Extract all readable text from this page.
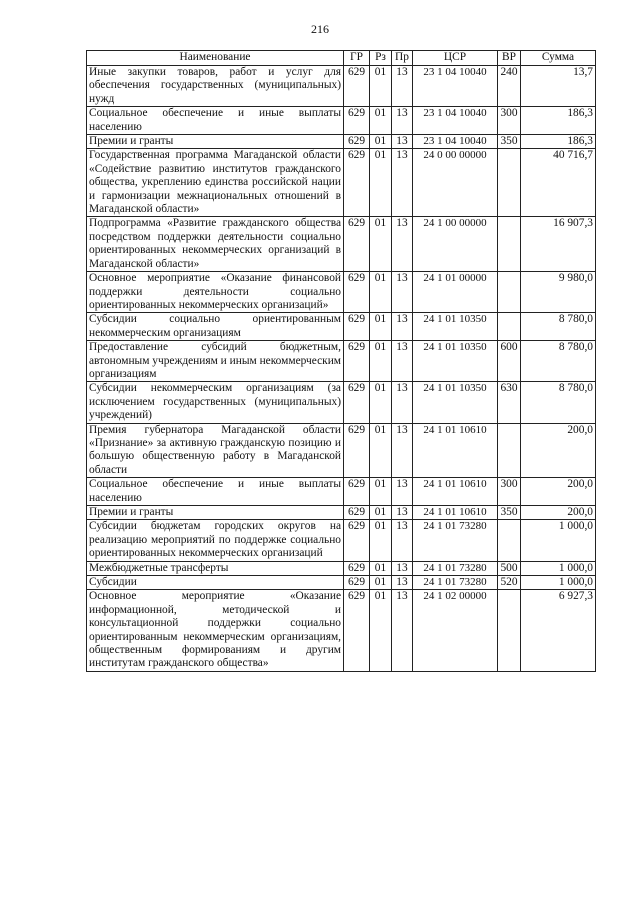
216
Наименование	ГР	Рз	Пр	ЦСР	ВР	Сумма
Иные закупки товаров, работ и услуг для обеспечения государственных (муниципальных) нужд	629	01	13	23 1 04 10040	240	13,7
Социальное обеспечение и иные выплаты населению	629	01	13	23 1 04 10040	300	186,3
Премии и гранты	629	01	13	23 1 04 10040	350	186,3
Государственная программа Магаданской области «Содействие развитию институтов гражданского общества, укреплению единства российской нации и гармонизации межнациональных отношений в Магаданской области»	629	01	13	24 0 00 00000		40 716,7
Подпрограмма «Развитие гражданского общества посредством поддержки деятельности социально ориентированных некоммерческих организаций в Магаданской области»	629	01	13	24 1 00 00000		16 907,3
Основное мероприятие «Оказание финансовой поддержки деятельности социально ориентированных некоммерческих организаций»	629	01	13	24 1 01 00000		9 980,0
Субсидии социально ориентированным некоммерческим организациям	629	01	13	24 1 01 10350		8 780,0
Предоставление субсидий бюджетным, автономным учреждениям и иным некоммерческим организациям	629	01	13	24 1 01 10350	600	8 780,0
Субсидии некоммерческим организациям (за исключением государственных (муниципальных) учреждений)	629	01	13	24 1 01 10350	630	8 780,0
Премия губернатора Магаданской области «Признание» за активную гражданскую позицию и большую общественную работу в Магаданской области	629	01	13	24 1 01 10610		200,0
Социальное обеспечение и иные выплаты населению	629	01	13	24 1 01 10610	300	200,0
Премии и гранты	629	01	13	24 1 01 10610	350	200,0
Субсидии бюджетам городских округов на реализацию мероприятий по поддержке социально ориентированных некоммерческих организаций	629	01	13	24 1 01 73280		1 000,0
Межбюджетные трансферты	629	01	13	24 1 01 73280	500	1 000,0
Субсидии	629	01	13	24 1 01 73280	520	1 000,0
Основное мероприятие «Оказание информационной, методической и консультационной поддержки социально ориентированным некоммерческим организациям, общественным формированиям и другим институтам гражданского общества»	629	01	13	24 1 02 00000		6 927,3
